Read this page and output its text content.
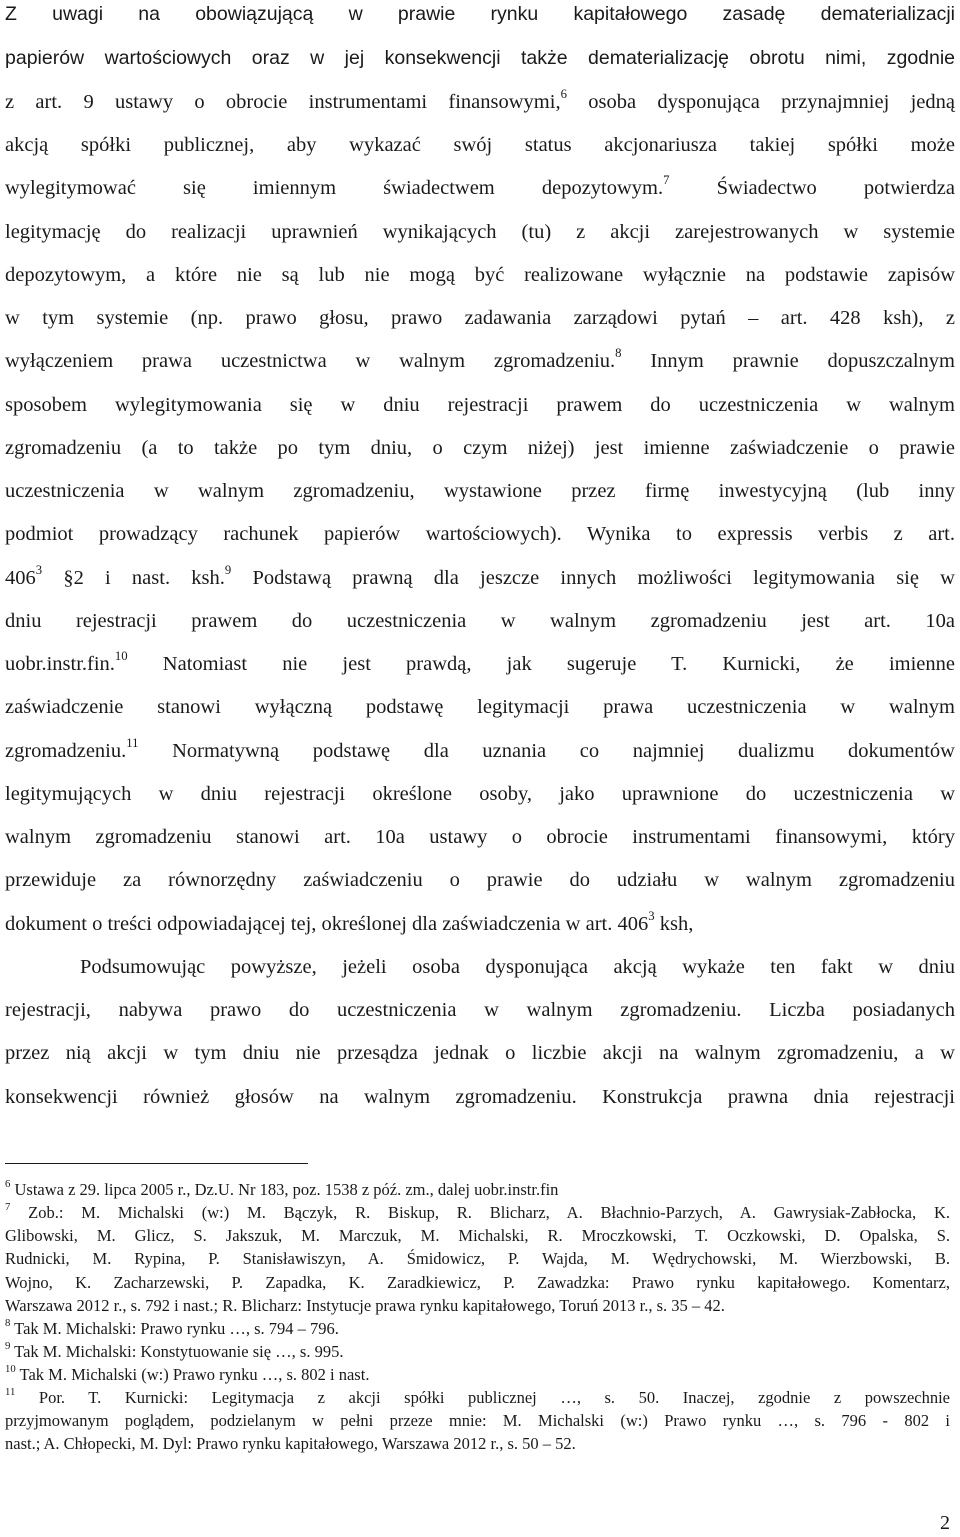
Z uwagi na obowiązującą w prawie rynku kapitałowego zasadę dematerializacji
papierów wartościowych oraz w jej konsekwencji także dematerializację obrotu nimi, zgodnie
z art. 9 ustawy o obrocie instrumentami finansowymi,$^6$ osoba dysponująca przynajmniej jedną
akcją spółki publicznej, aby wykazać swój status akcjonariusza takiej spółki może
wylegitymować się imiennym świadectwem depozytowym.$^7$ Świadectwo potwierdza
legitymację do realizacji uprawnień wynikających (tu) z akcji zarejestrowanych w systemie
depozytowym, a które nie są lub nie mogą być realizowane wyłącznie na podstawie zapisów
w tym systemie (np. prawo głosu, prawo zadawania zarządowi pytań – art. 428 ksh), z
wyłączeniem prawa uczestnictwa w walnym zgromadzeniu.$^8$ Innym prawnie dopuszczalnym
sposobem wylegitymowania się w dniu rejestracji prawem do uczestniczenia w walnym
zgromadzeniu (a to także po tym dniu, o czym niżej) jest imienne zaświadczenie o prawie
uczestniczenia w walnym zgromadzeniu, wystawione przez firmę inwestycyjną (lub inny
podmiot prowadzący rachunek papierów wartościowych). Wynika to expressis verbis z art.
$406^3$ §2 i nast. ksh.$^9$ Podstawą prawną dla jeszcze innych możliwości legitymowania się w
dniu rejestracji prawem do uczestniczenia w walnym zgromadzeniu jest art. 10a
uobr.instr.fin.$^{10}$ Natomiast nie jest prawdą, jak sugeruje T. Kurnicki, że imienne
zaświadczenie stanowi wyłączną podstawę legitymacji prawa uczestniczenia w walnym
zgromadzeniu.$^{11}$ Normatywną podstawę dla uznania co najmniej dualizmu dokumentów
legitymujących w dniu rejestracji określone osoby, jako uprawnione do uczestniczenia w
walnym zgromadzeniu stanowi art. 10a ustawy o obrocie instrumentami finansowymi, który
przewiduje za równorzędny zaświadczeniu o prawie do udziału w walnym zgromadzeniu
dokument o treści odpowiadającej tej, określonej dla zaświadczenia w art. $406^3$ ksh,
Podsumowując powyższe, jeżeli osoba dysponująca akcją wykaże ten fakt w dniu
rejestracji, nabywa prawo do uczestniczenia w walnym zgromadzeniu. Liczba posiadanych
przez nią akcji w tym dniu nie przesądza jednak o liczbie akcji na walnym zgromadzeniu, a w
konsekwencji również głosów na walnym zgromadzeniu. Konstrukcja prawna dnia rejestracji
$^6$ Ustawa z 29. lipca 2005 r., Dz.U. Nr 183, poz. 1538 z póź. zm., dalej uobr.instr.fin
$^7$ Zob.: M. Michalski (w:) M. Bączyk, R. Biskup, R. Blicharz, A. Błachnio-Parzych, A. Gawrysiak-Zabłocka, K.
Glibowski, M. Glicz, S. Jakszuk, M. Marczuk, M. Michalski, R. Mroczkowski, T. Oczkowski, D. Opalska, S.
Rudnicki, M. Rypina, P. Stanisławiszyn, A. Śmidowicz, P. Wajda, M. Wędrychowski, M. Wierzbowski, B.
Wojno, K. Zacharzewski, P. Zapadka, K. Zaradkiewicz, P. Zawadzka: Prawo rynku kapitałowego. Komentarz,
Warszawa 2012 r., s. 792 i nast.; R. Blicharz: Instytucje prawa rynku kapitałowego, Toruń 2013 r., s. 35 – 42.
$^8$ Tak M. Michalski: Prawo rynku …, s. 794 – 796.
$^9$ Tak M. Michalski: Konstytuowanie się …, s. 995.
$^{10}$ Tak M. Michalski (w:) Prawo rynku …, s. 802 i nast.
$^{11}$ Por. T. Kurnicki: Legitymacja z akcji spółki publicznej …, s. 50. Inaczej, zgodnie z powszechnie
przyjmowanym poglądem, podzielanym w pełni przeze mnie: M. Michalski (w:) Prawo rynku …, s. 796 - 802 i
nast.; A. Chłopecki, M. Dyl: Prawo rynku kapitałowego, Warszawa 2012 r., s. 50 – 52.
2
